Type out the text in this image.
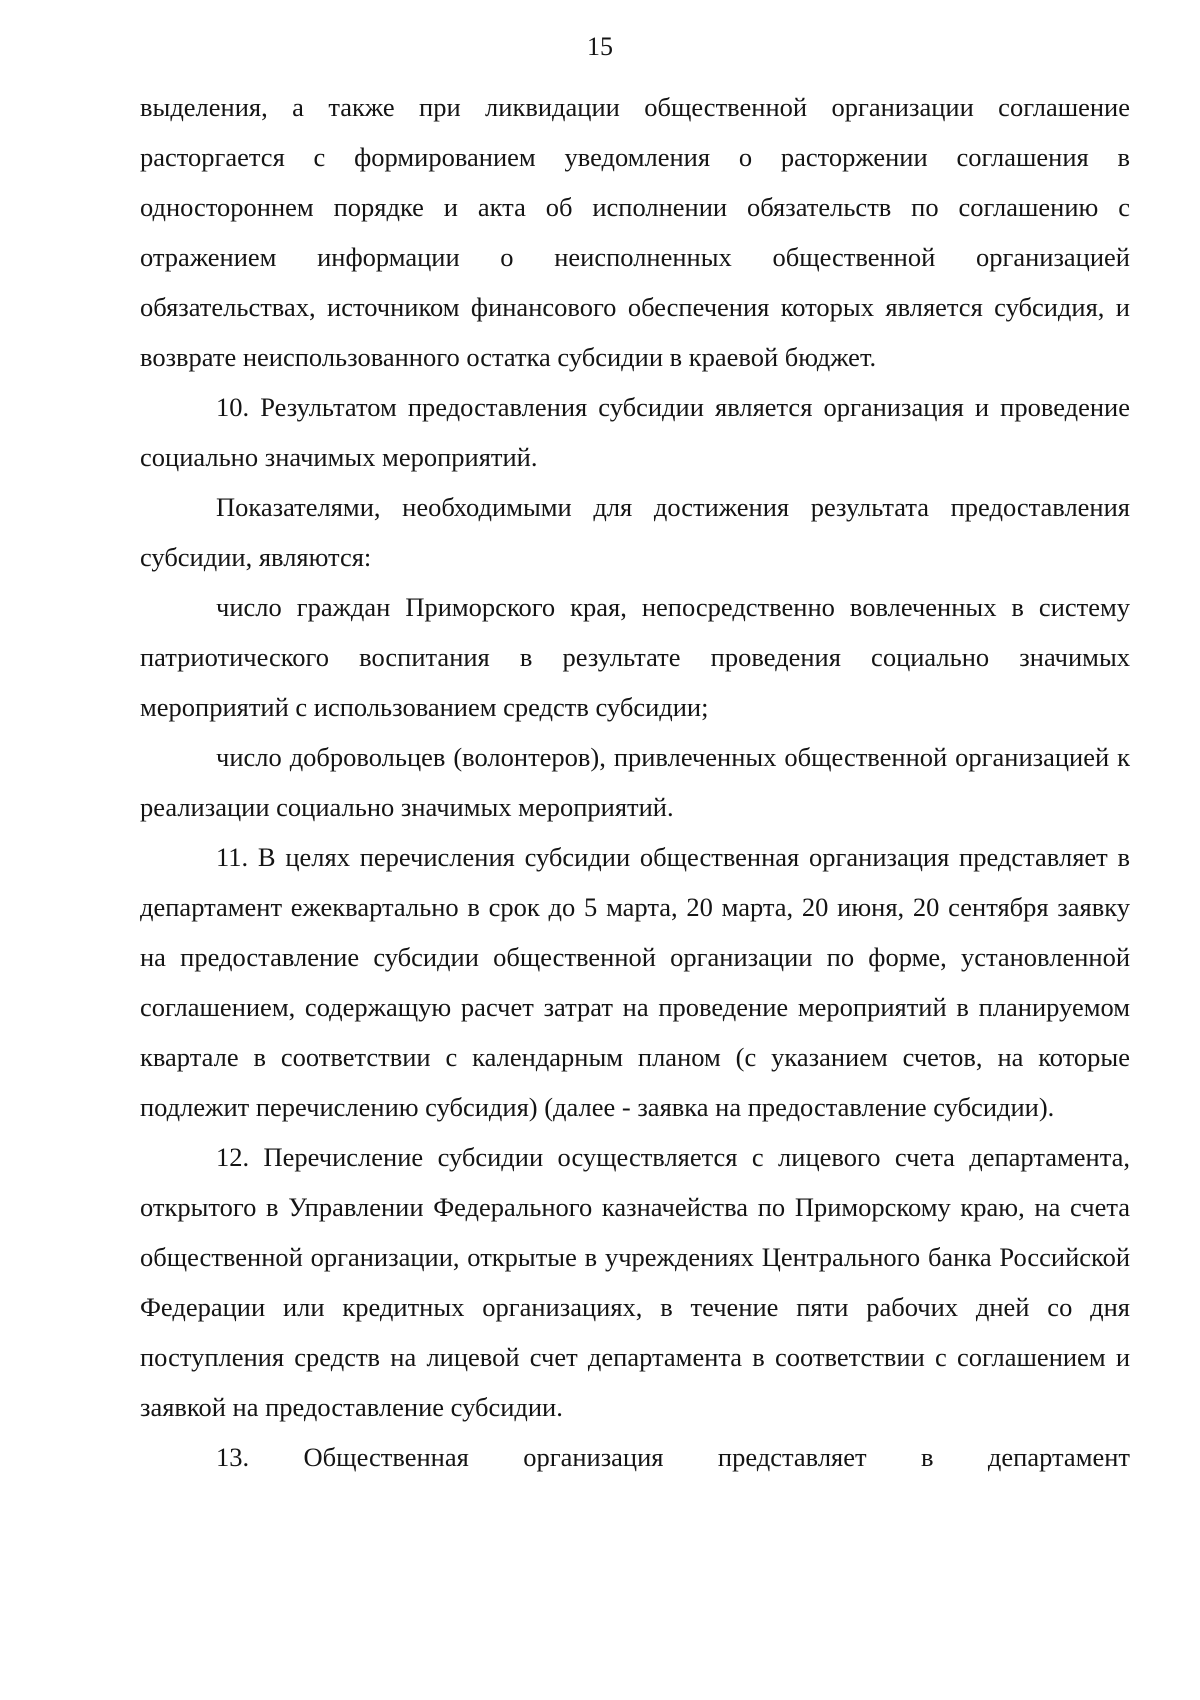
15

выделения, а также при ликвидации общественной организации соглашение расторгается с формированием уведомления о расторжении соглашения в одностороннем порядке и акта об исполнении обязательств по соглашению с отражением информации о неисполненных общественной организацией обязательствах, источником финансового обеспечения которых является субсидия, и возврате неиспользованного остатка субсидии в краевой бюджет.

10. Результатом предоставления субсидии является организация и проведение социально значимых мероприятий.

Показателями, необходимыми для достижения результата предоставления субсидии, являются:

число граждан Приморского края, непосредственно вовлеченных в систему патриотического воспитания в результате проведения социально значимых мероприятий с использованием средств субсидии;

число добровольцев (волонтеров), привлеченных общественной организацией к реализации социально значимых мероприятий.

11. В целях перечисления субсидии общественная организация представляет в департамент ежеквартально в срок до 5 марта, 20 марта, 20 июня, 20 сентября заявку на предоставление субсидии общественной организации по форме, установленной соглашением, содержащую расчет затрат на проведение мероприятий в планируемом квартале в соответствии с календарным планом (с указанием счетов, на которые подлежит перечислению субсидия) (далее - заявка на предоставление субсидии).

12. Перечисление субсидии осуществляется с лицевого счета департамента, открытого в Управлении Федерального казначейства по Приморскому краю, на счета общественной организации, открытые в учреждениях Центрального банка Российской Федерации или кредитных организациях, в течение пяти рабочих дней со дня поступления средств на лицевой счет департамента в соответствии с соглашением и заявкой на предоставление субсидии.

13. Общественная организация представляет в департамент
